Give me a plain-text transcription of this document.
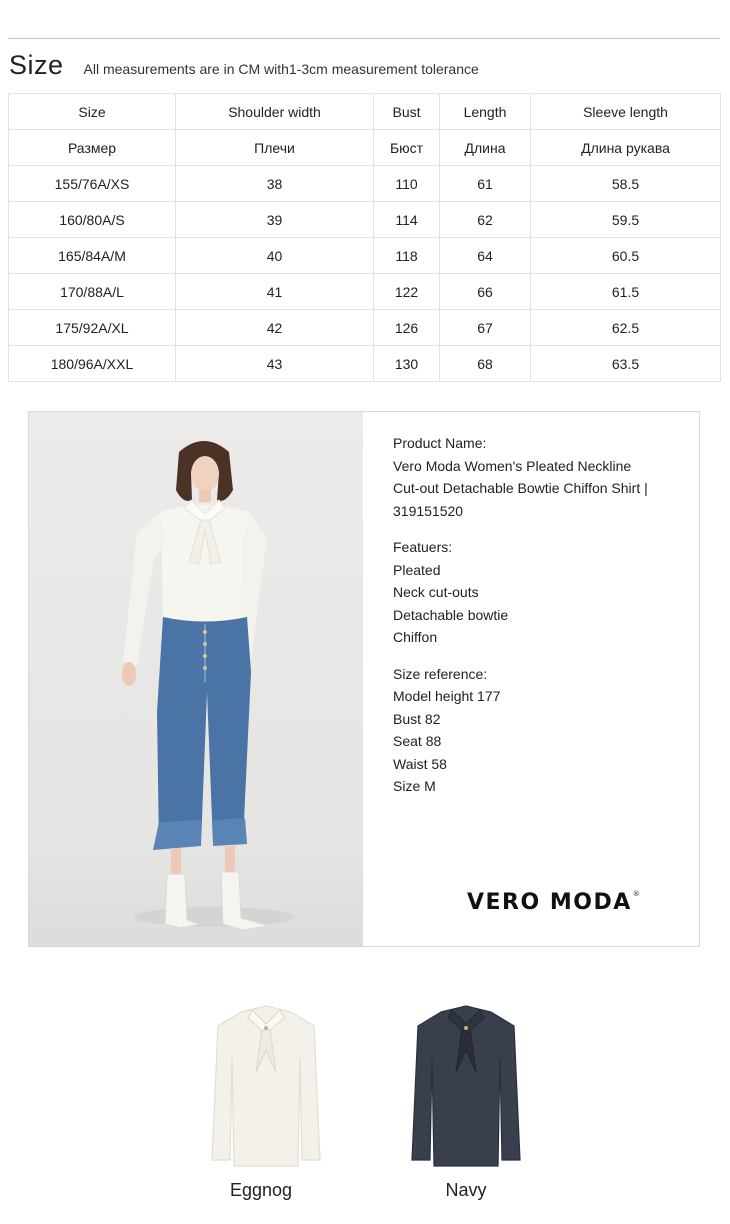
Size All measurements are in CM with1-3cm measurement tolerance
Size	Shoulder width	Bust	Length	Sleeve length
Размер	Плечи	Бюст	Длина	Длина рукава
155/76A/XS	38	110	61	58.5
160/80A/S	39	114	62	59.5
165/84A/M	40	118	64	60.5
170/88A/L	41	122	66	61.5
175/92A/XL	42	126	67	62.5
180/96A/XXL	43	130	68	63.5
Product Name:
Vero Moda Women's Pleated Neckline
Cut-out Detachable Bowtie Chiffon Shirt |
319151520
Featuers:
Pleated
Neck cut-outs
Detachable bowtie
Chiffon
Size reference:
Model height 177
Bust 82
Seat 88
Waist 58
Size M
VERO MODA®
Eggnog	Navy
